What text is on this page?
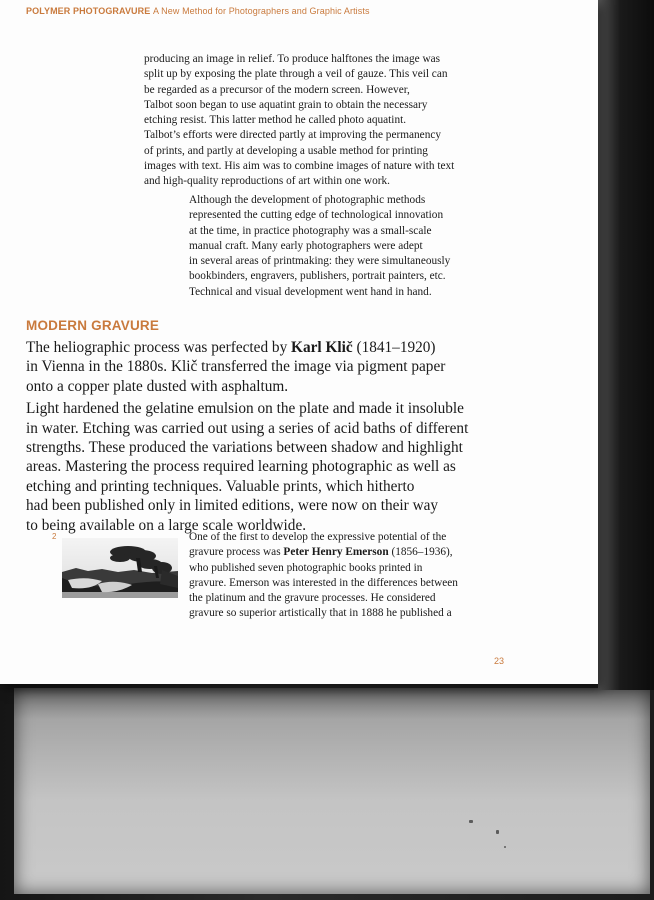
POLYMER PHOTOGRAVURE A New Method for Photographers and Graphic Artists
producing an image in relief. To produce halftones the image was
split up by exposing the plate through a veil of gauze. This veil can
be regarded as a precursor of the modern screen. However,
Talbot soon began to use aquatint grain to obtain the necessary
etching resist. This latter method he called photo aquatint.
Talbot’s efforts were directed partly at improving the permanency
of prints, and partly at developing a usable method for printing
images with text. His aim was to combine images of nature with text
and high-quality reproductions of art within one work.
Although the development of photographic methods
represented the cutting edge of technological innovation
at the time, in practice photography was a small-scale
manual craft. Many early photographers were adept
in several areas of printmaking: they were simultaneously
bookbinders, engravers, publishers, portrait painters, etc.
Technical and visual development went hand in hand.
MODERN GRAVURE

The heliographic process was perfected by Karl Klič (1841–1920)
in Vienna in the 1880s. Klič transferred the image via pigment paper
onto a copper plate dusted with asphaltum.

Light hardened the gelatine emulsion on the plate and made it insoluble
in water. Etching was carried out using a series of acid baths of different
strengths. These produced the variations between shadow and highlight
areas. Mastering the process required learning photographic as well as
etching and printing techniques. Valuable prints, which hitherto
had been published only in limited editions, were now on their way
to being available on a large scale worldwide.

2	One of the first to develop the expressive potential of the
gravure process was Peter Henry Emerson (1856–1936),
who published seven photographic books printed in
gravure. Emerson was interested in the differences between
the platinum and the gravure processes. He considered
gravure so superior artistically that in 1888 he published a
23
